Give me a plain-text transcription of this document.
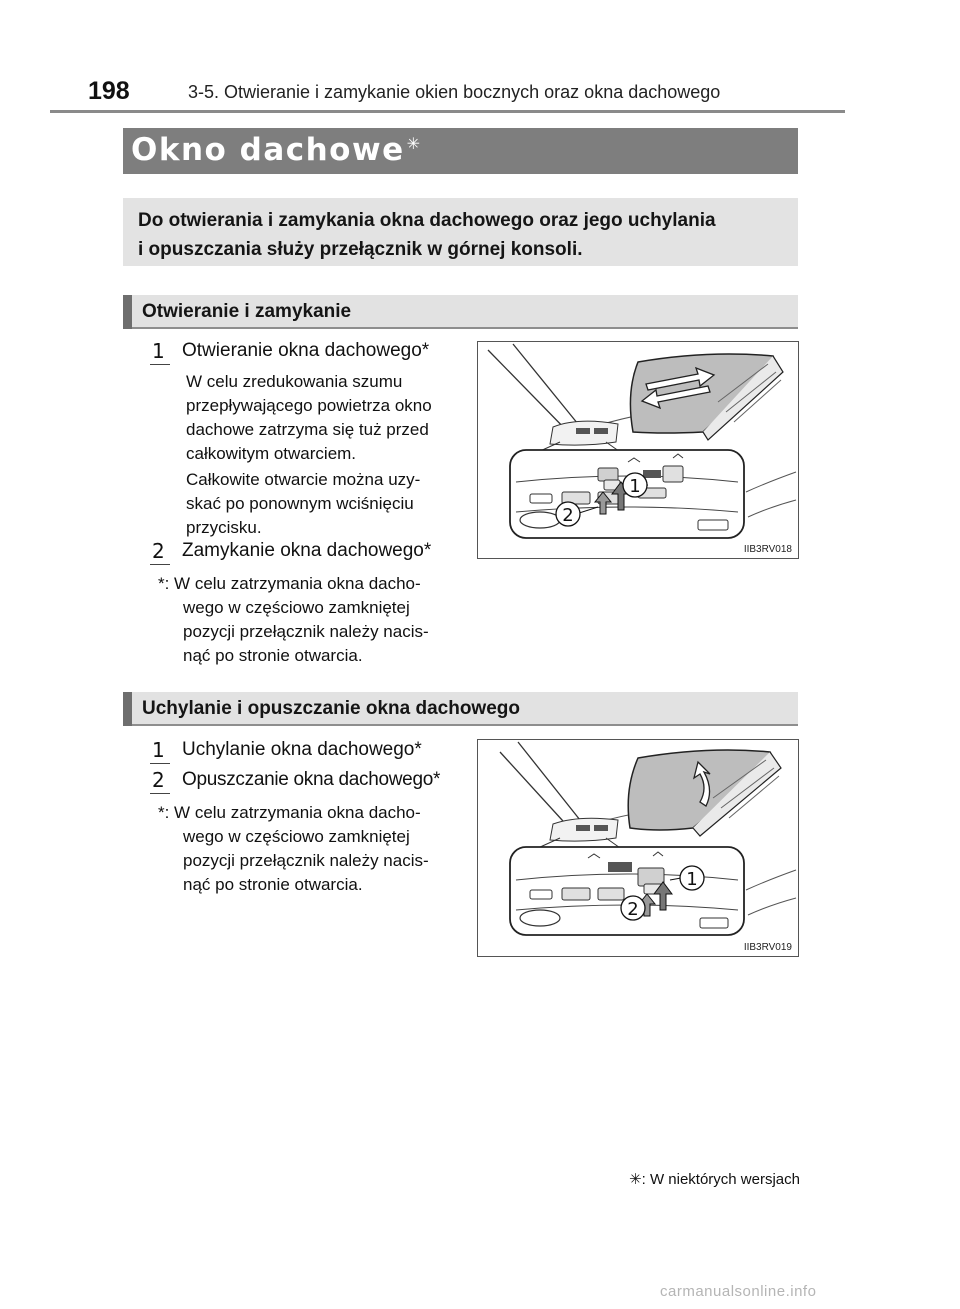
198	3-5. Otwieranie i zamykanie okien bocznych oraz okna dachowego
Okno dachowe ✳
Do otwierania i zamykania okna dachowego oraz jego uchylania
i opuszczania służy przełącznik w górnej konsoli.
Otwieranie i zamykanie
1 Otwieranie okna dachowego*
W celu zredukowania szumu
przepływającego powietrza okno
dachowe zatrzyma się tuż przed
całkowitym otwarciem.
Całkowite otwarcie można uzy-
skać po ponownym wciśnięciu
przycisku.
2 Zamykanie okna dachowego*
*: W celu zatrzymania okna dacho-
wego w częściowo zamkniętej
pozycji przełącznik należy nacis-
nąć po stronie otwarcia.
1
2
IIB3RV018
Uchylanie i opuszczanie okna dachowego
1 Uchylanie okna dachowego*
2 Opuszczanie okna dachowego*
*: W celu zatrzymania okna dacho-
wego w częściowo zamkniętej
pozycji przełącznik należy nacis-
nąć po stronie otwarcia.	1
2
IIB3RV019
✳: W niektórych wersjach
carmanualsonline.info
